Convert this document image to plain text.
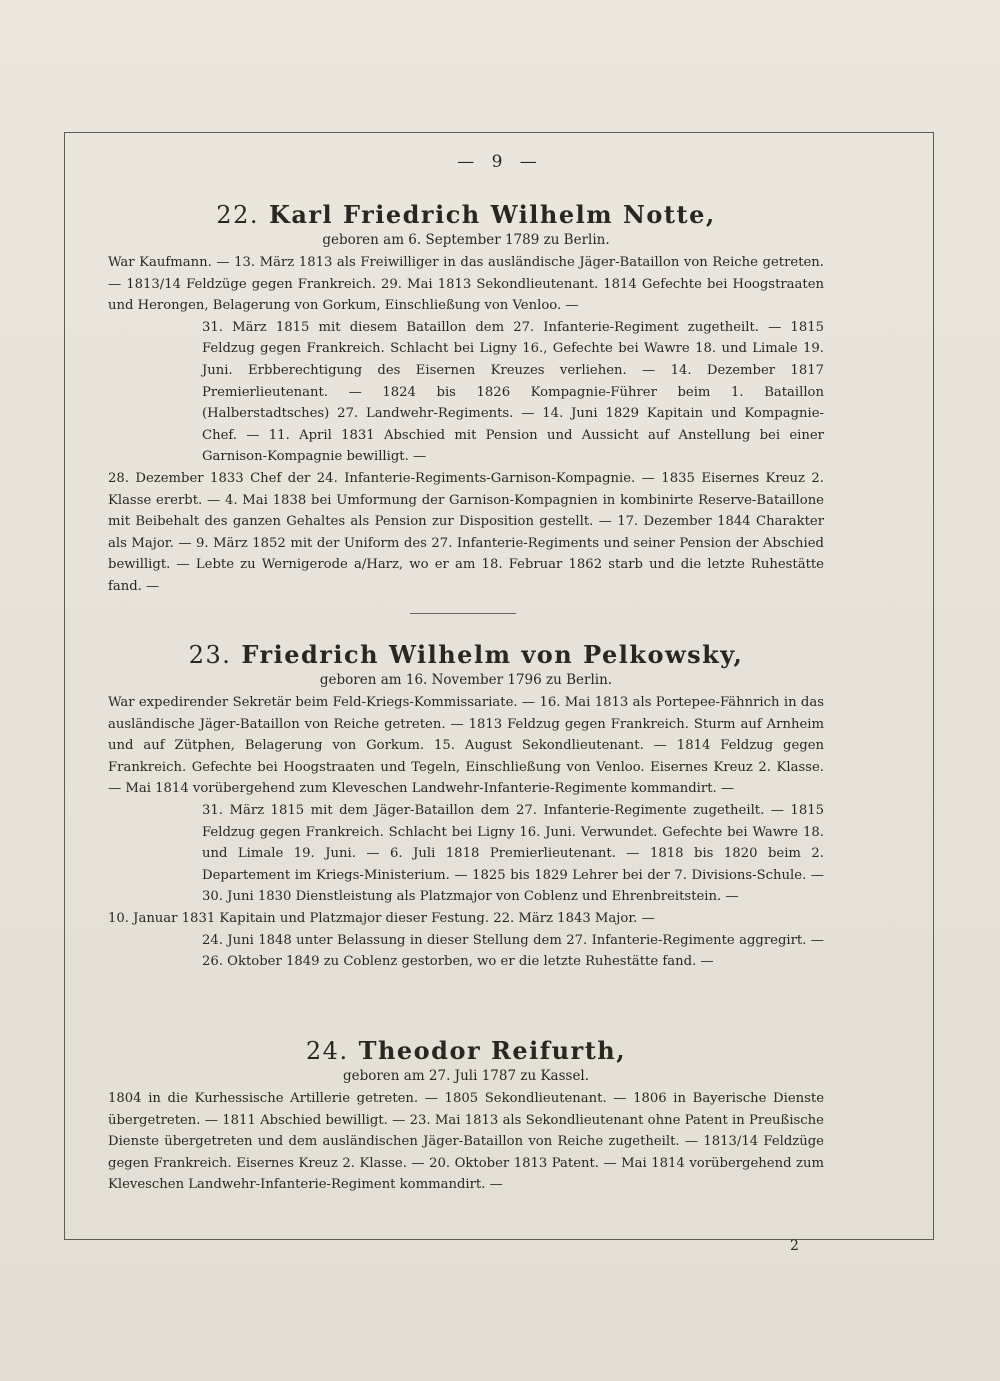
— 9 —

22. Karl Friedrich Wilhelm Notte,

geboren am 6. September 1789 zu Berlin.

War Kaufmann. — 13. März 1813 als Freiwilliger in das ausländische Jäger-Bataillon von Reiche getreten. — 1813/14 Feldzüge gegen Frankreich. 29. Mai 1813 Sekondlieutenant. 1814 Gefechte bei Hoogstraaten und Herongen, Belagerung von Gorkum, Einschließung von Venloo. —

31. März 1815 mit diesem Bataillon dem 27. Infanterie-Regiment zugetheilt. — 1815 Feldzug gegen Frankreich. Schlacht bei Ligny 16., Gefechte bei Wawre 18. und Limale 19. Juni. Erbberechtigung des Eisernen Kreuzes verliehen. — 14. Dezember 1817 Premierlieutenant. — 1824 bis 1826 Kompagnie-Führer beim 1. Bataillon (Halberstadtsches) 27. Landwehr-Regiments. — 14. Juni 1829 Kapitain und Kompagnie-Chef. — 11. April 1831 Abschied mit Pension und Aussicht auf Anstellung bei einer Garnison-Kompagnie bewilligt. —

28. Dezember 1833 Chef der 24. Infanterie-Regiments-Garnison-Kompagnie. — 1835 Eisernes Kreuz 2. Klasse ererbt. — 4. Mai 1838 bei Umformung der Garnison-Kompagnien in kombinirte Reserve-Bataillone mit Beibehalt des ganzen Gehaltes als Pension zur Disposition gestellt. — 17. Dezember 1844 Charakter als Major. — 9. März 1852 mit der Uniform des 27. Infanterie-Regiments und seiner Pension der Abschied bewilligt. — Lebte zu Wernigerode a/Harz, wo er am 18. Februar 1862 starb und die letzte Ruhestätte fand. —

23. Friedrich Wilhelm von Pelkowsky,

geboren am 16. November 1796 zu Berlin.

War expedirender Sekretär beim Feld-Kriegs-Kommissariate. — 16. Mai 1813 als Portepee-Fähnrich in das ausländische Jäger-Bataillon von Reiche getreten. — 1813 Feldzug gegen Frankreich. Sturm auf Arnheim und auf Zütphen, Belagerung von Gorkum. 15. August Sekondlieutenant. — 1814 Feldzug gegen Frankreich. Gefechte bei Hoogstraaten und Tegeln, Einschließung von Venloo. Eisernes Kreuz 2. Klasse. — Mai 1814 vorübergehend zum Klevesсhen Landwehr-Infanterie-Regimente kommandirt. —

31. März 1815 mit dem Jäger-Bataillon dem 27. Infanterie-Regimente zugetheilt. — 1815 Feldzug gegen Frankreich. Schlacht bei Ligny 16. Juni. Verwundet. Gefechte bei Wawre 18. und Limale 19. Juni. — 6. Juli 1818 Premierlieutenant. — 1818 bis 1820 beim 2. Departement im Kriegs-Ministerium. — 1825 bis 1829 Lehrer bei der 7. Divisions-Schule. — 30. Juni 1830 Dienstleistung als Platzmajor von Coblenz und Ehrenbreitstein. —

10. Januar 1831 Kapitain und Platzmajor dieser Festung. 22. März 1843 Major. —

24. Juni 1848 unter Belassung in dieser Stellung dem 27. Infanterie-Regimente aggregirt. — 26. Oktober 1849 zu Coblenz gestorben, wo er die letzte Ruhestätte fand. —

24. Theodor Reifurth,

geboren am 27. Juli 1787 zu Kassel.

1804 in die Kurhessische Artillerie getreten. — 1805 Sekondlieutenant. — 1806 in Bayerische Dienste übergetreten. — 1811 Abschied bewilligt. — 23. Mai 1813 als Sekondlieutenant ohne Patent in Preußische Dienste übergetreten und dem ausländischen Jäger-Bataillon von Reiche zugetheilt. — 1813/14 Feldzüge gegen Frankreich. Eisernes Kreuz 2. Klasse. — 20. Oktober 1813 Patent. — Mai 1814 vorübergehend zum Klevesсhen Landwehr-Infanterie-Regiment kommandirt. —

2
